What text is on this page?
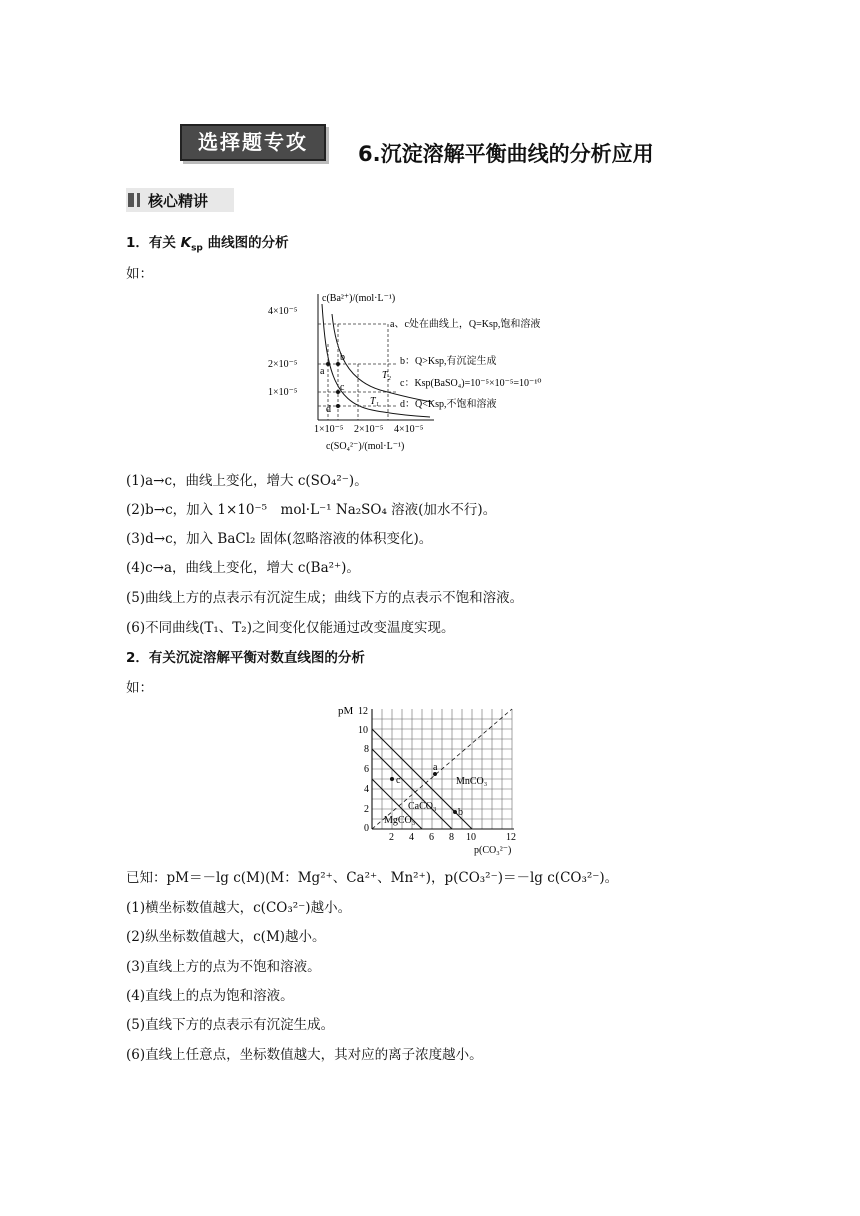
选择题专攻	6.沉淀溶解平衡曲线的分析应用
核心精讲
1．有关 $K_{sp}$ 曲线图的分析
如：
c(Ba²⁺)/(mol·L⁻¹)
4×10⁻⁵
2×10⁻⁵
1×10⁻⁵
1×10⁻⁵ 2×10⁻⁵ 4×10⁻⁵
c(SO₄²⁻)/(mol·L⁻¹)
a
b
c
d
T₂
T₁
a、c处在曲线上，Q=Ksp,饱和溶液
b：Q>Ksp,有沉淀生成
c：Ksp(BaSO₄)=10⁻⁵×10⁻⁵=10⁻¹⁰
d：Q<Ksp,不饱和溶液
(1)a→c，曲线上变化，增大 c(SO₄²⁻)。
(2)b→c，加入 1×10⁻⁵　mol·L⁻¹ Na₂SO₄ 溶液(加水不行)。
(3)d→c，加入 BaCl₂ 固体(忽略溶液的体积变化)。
(4)c→a，曲线上变化，增大 c(Ba²⁺)。
(5)曲线上方的点表示有沉淀生成；曲线下方的点表示不饱和溶液。
(6)不同曲线(T₁、T₂)之间变化仅能通过改变温度实现。
2．有关沉淀溶解平衡对数直线图的分析
如：
pM 12
10
8
6
4
2
0
2 4 6 8 10	12
p(CO₃²⁻)
MnCO₃
CaCO₃
MgCO₃
a
b
c
已知：pM＝－lg c(M)(M：Mg²⁺、Ca²⁺、Mn²⁺)，p(CO₃²⁻)＝－lg c(CO₃²⁻)。
(1)横坐标数值越大，c(CO₃²⁻)越小。
(2)纵坐标数值越大，c(M)越小。
(3)直线上方的点为不饱和溶液。
(4)直线上的点为饱和溶液。
(5)直线下方的点表示有沉淀生成。
(6)直线上任意点，坐标数值越大，其对应的离子浓度越小。
